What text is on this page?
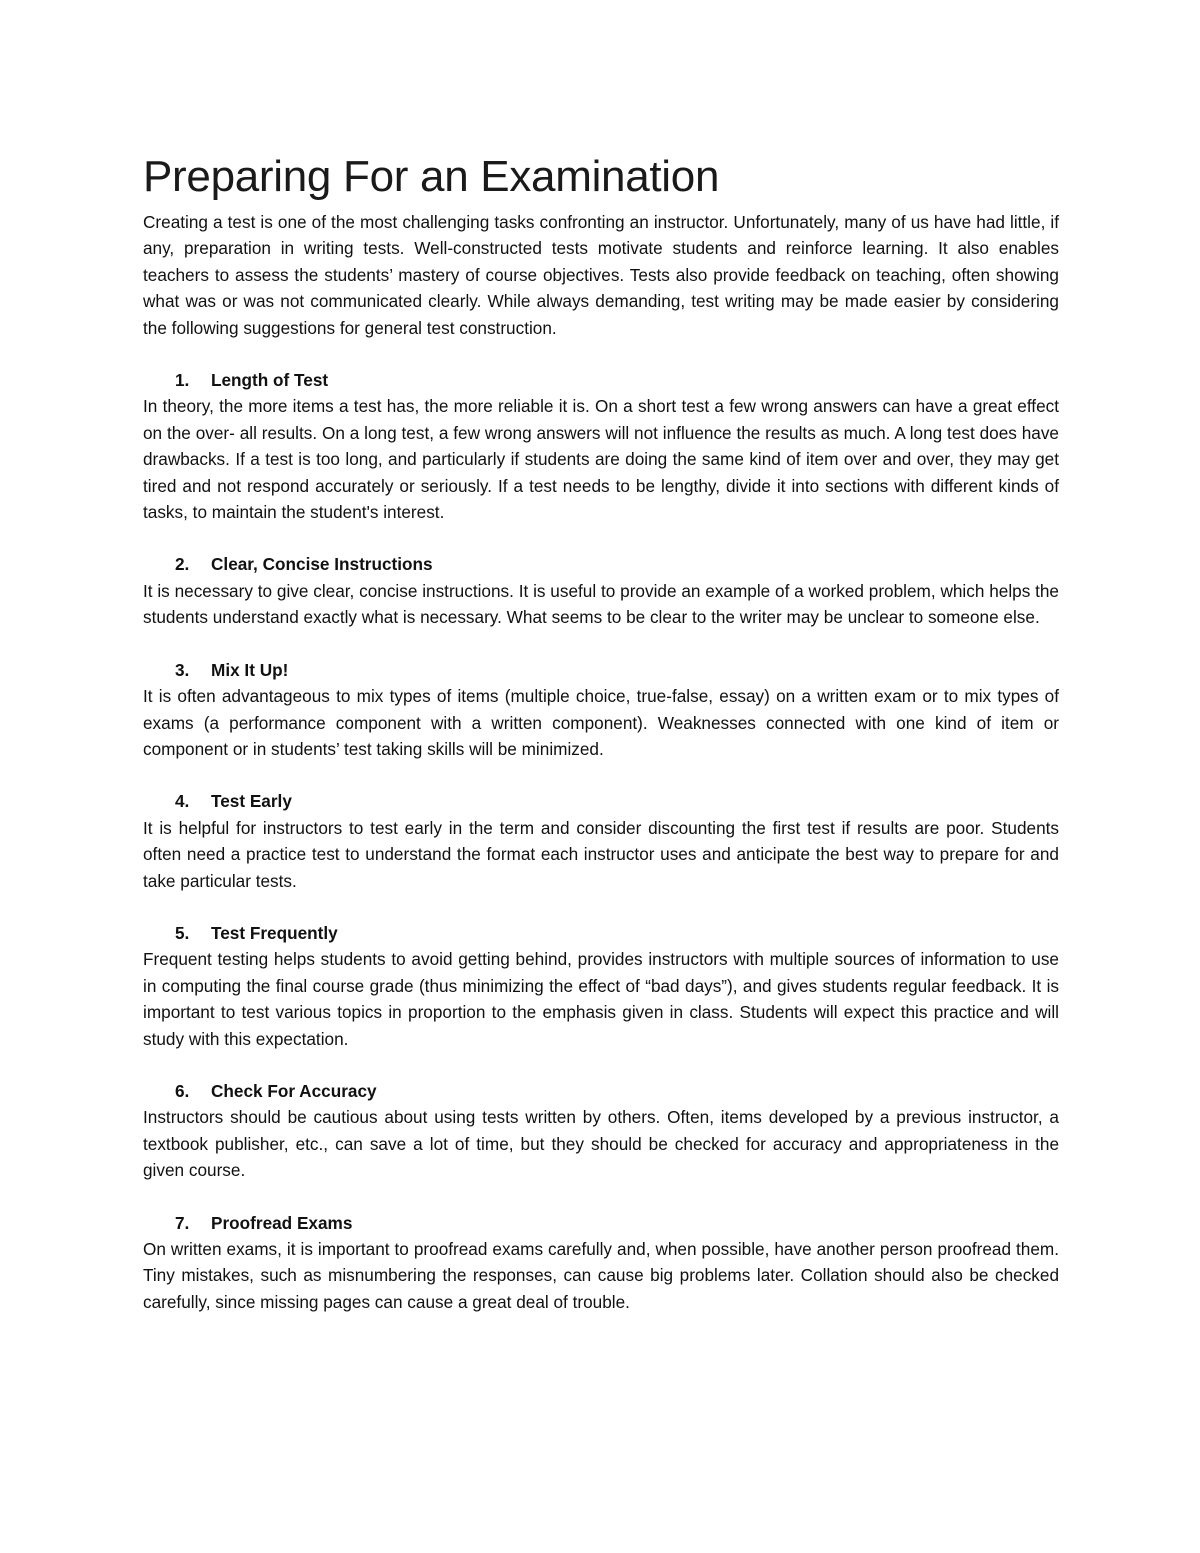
Preparing For an Examination

Creating a test is one of the most challenging tasks confronting an instructor. Unfortunately, many of us have had little, if any, preparation in writing tests. Well-constructed tests motivate students and reinforce learning. It also enables teachers to assess the students’ mastery of course objectives. Tests also provide feedback on teaching, often showing what was or was not communicated clearly. While always demanding, test writing may be made easier by considering the following suggestions for general test construction.

1.	Length of Test

In theory, the more items a test has, the more reliable it is. On a short test a few wrong answers can have a great effect on the over- all results. On a long test, a few wrong answers will not influence the results as much. A long test does have drawbacks. If a test is too long, and particularly if students are doing the same kind of item over and over, they may get tired and not respond accurately or seriously. If a test needs to be lengthy, divide it into sections with different kinds of tasks, to maintain the student's interest.

2.	Clear, Concise Instructions

It is necessary to give clear, concise instructions. It is useful to provide an example of a worked problem, which helps the students understand exactly what is necessary. What seems to be clear to the writer may be unclear to someone else.

3.	Mix It Up!

It is often advantageous to mix types of items (multiple choice, true-false, essay) on a written exam or to mix types of exams (a performance component with a written component). Weaknesses connected with one kind of item or component or in students’ test taking skills will be minimized.

4.	Test Early

It is helpful for instructors to test early in the term and consider discounting the first test if results are poor. Students often need a practice test to understand the format each instructor uses and anticipate the best way to prepare for and take particular tests.

5.	Test Frequently

Frequent testing helps students to avoid getting behind, provides instructors with multiple sources of information to use in computing the final course grade (thus minimizing the effect of “bad days”), and gives students regular feedback. It is important to test various topics in proportion to the emphasis given in class. Students will expect this practice and will study with this expectation.

6.	Check For Accuracy

Instructors should be cautious about using tests written by others. Often, items developed by a previous instructor, a textbook publisher, etc., can save a lot of time, but they should be checked for accuracy and appropriateness in the given course.

7.	Proofread Exams

On written exams, it is important to proofread exams carefully and, when possible, have another person proofread them. Tiny mistakes, such as misnumbering the responses, can cause big problems later. Collation should also be checked carefully, since missing pages can cause a great deal of trouble.
